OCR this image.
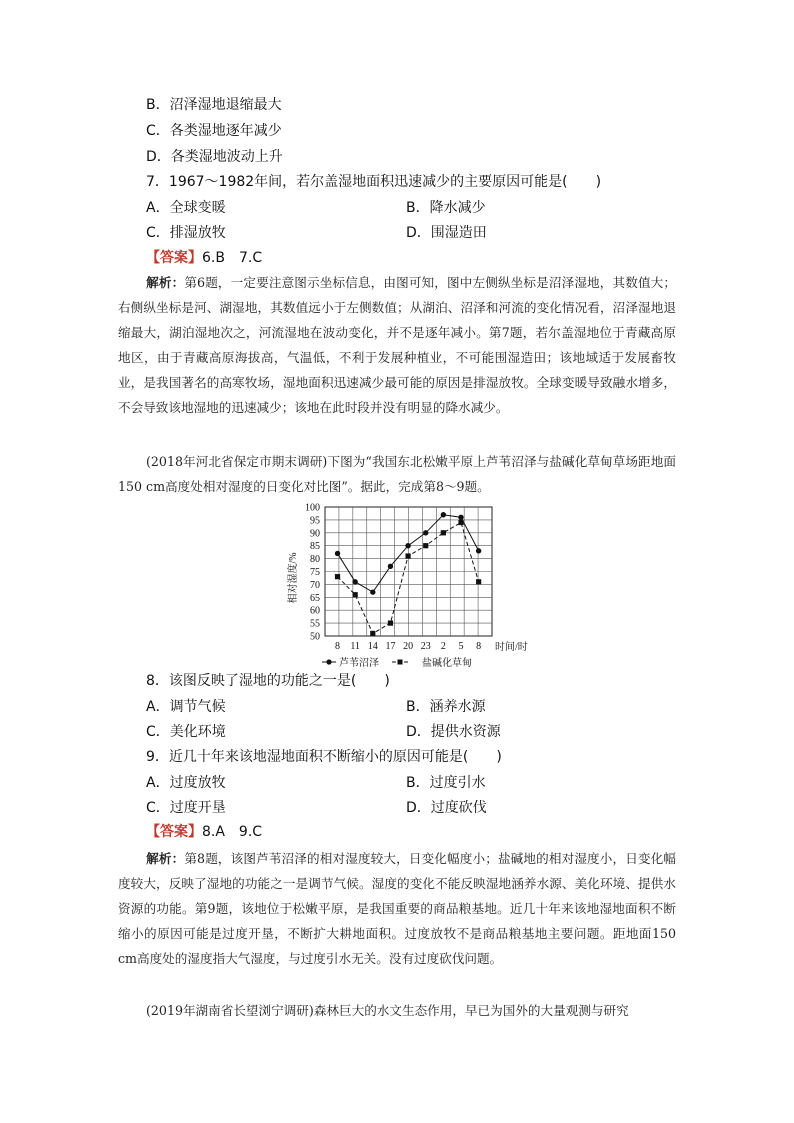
B．沼泽湿地退缩最大
C．各类湿地逐年减少
D．各类湿地波动上升
7．1967～1982年间，若尔盖湿地面积迅速减少的主要原因可能是(　　)
A．全球变暖	B．降水减少
C．排湿放牧	D．围湿造田
【答案】6.B　7.C
解析：第6题，一定要注意图示坐标信息，由图可知，图中左侧纵坐标是沼泽湿地，其数值大；右侧纵坐标是河、湖湿地，其数值远小于左侧数值；从湖泊、沼泽和河流的变化情况看，沼泽湿地退缩最大，湖泊湿地次之，河流湿地在波动变化，并不是逐年减小。第7题，若尔盖湿地位于青藏高原地区，由于青藏高原海拔高，气温低，不利于发展种植业，不可能围湿造田；该地域适于发展畜牧业，是我国著名的高寒牧场，湿地面积迅速减少最可能的原因是排湿放牧。全球变暖导致融水增多，不会导致该地湿地的迅速减少；该地在此时段并没有明显的降水减少。
(2018年河北省保定市期末调研)下图为“我国东北松嫩平原上芦苇沼泽与盐碱化草甸草场距地面150 cm高度处相对湿度的日变化对比图”。据此，完成第8～9题。
50
55
60
65
70
75
80
85
90
95
100
8 11 14 17 20 23 2 5 8
相对湿度/%
时间/时
芦苇沼泽	盐碱化草甸
8．该图反映了湿地的功能之一是(　　)
A．调节气候	B．涵养水源
C．美化环境	D．提供水资源
9．近几十年来该地湿地面积不断缩小的原因可能是(　　)
A．过度放牧	B．过度引水
C．过度开垦	D．过度砍伐
【答案】8.A　9.C
解析：第8题，该图芦苇沼泽的相对湿度较大，日变化幅度小；盐碱地的相对湿度小，日变化幅度较大，反映了湿地的功能之一是调节气候。湿度的变化不能反映湿地涵养水源、美化环境、提供水资源的功能。第9题，该地位于松嫩平原，是我国重要的商品粮基地。近几十年来该地湿地面积不断缩小的原因可能是过度开垦，不断扩大耕地面积。过度放牧不是商品粮基地主要问题。距地面150 cm高度处的湿度指大气湿度，与过度引水无关。没有过度砍伐问题。
(2019年湖南省长望浏宁调研)森林巨大的水文生态作用，早已为国外的大量观测与研究
